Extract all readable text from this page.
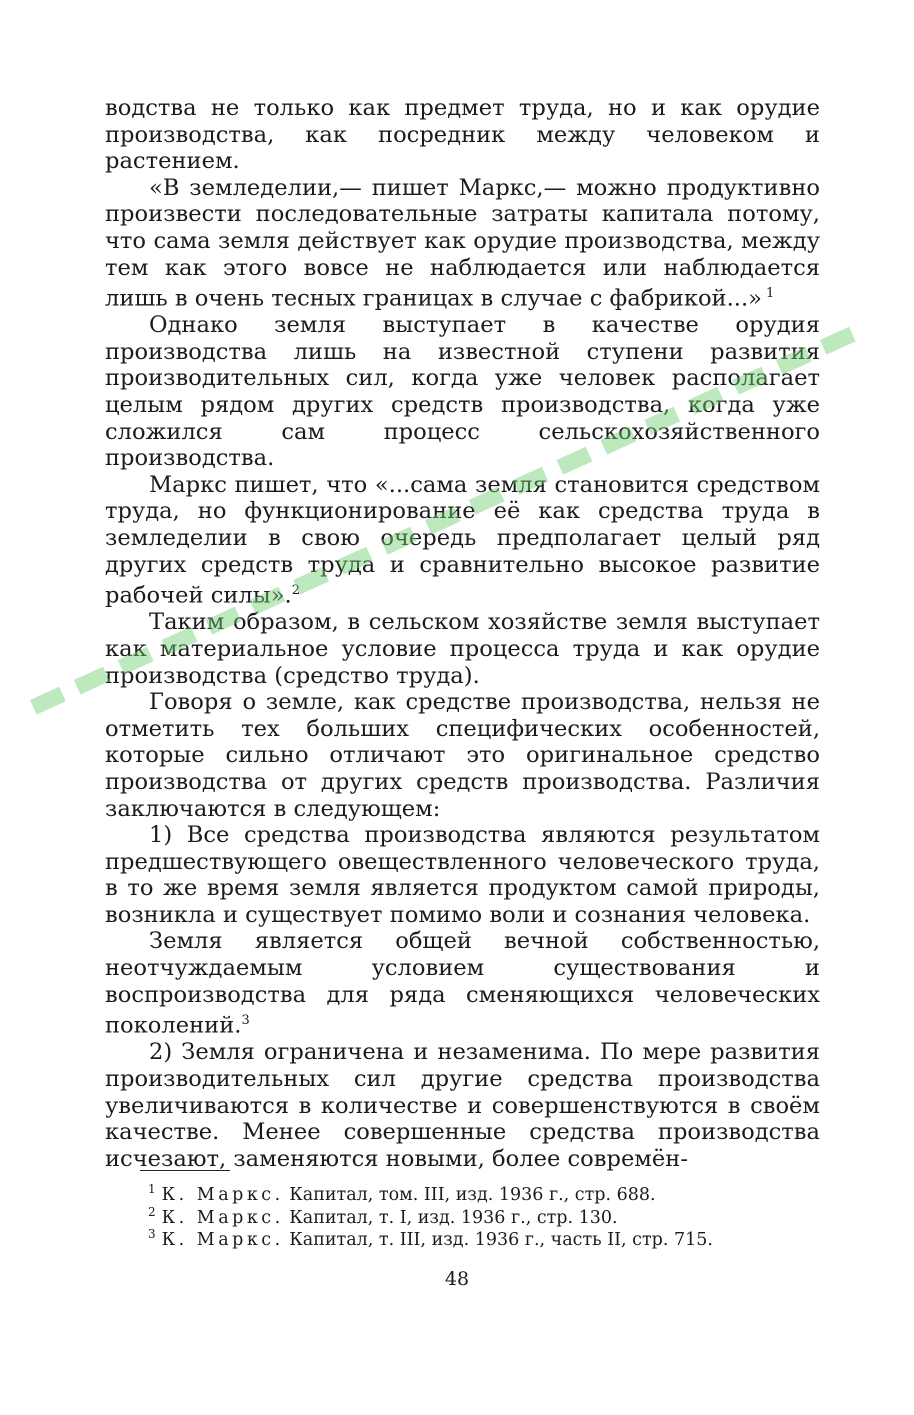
водства не только как предмет труда, но и как орудие производства, как посредник между человеком и растением.

«В земледелии,— пишет Маркс,— можно продуктивно произвести последовательные затраты капитала потому, что сама земля действует как орудие производства, между тем как этого вовсе не наблюдается или наблюдается лишь в очень тесных границах в случае с фабрикой...» $^1$

Однако земля выступает в качестве орудия производства лишь на известной ступени развития производительных сил, когда уже человек располагает целым рядом других средств производства, когда уже сложился сам процесс сельскохозяйственного производства.

Маркс пишет, что «...сама земля становится средством труда, но функционирование её как средства труда в земледелии в свою очередь предполагает целый ряд других средств труда и сравнительно высокое развитие рабочей силы».$^2$

Таким образом, в сельском хозяйстве земля выступает как материальное условие процесса труда и как орудие производства (средство труда).

Говоря о земле, как средстве производства, нельзя не отметить тех больших специфических особенностей, которые сильно отличают это оригинальное средство производства от других средств производства. Различия заключаются в следующем:

1) Все средства производства являются результатом предшествующего овеществленного человеческого труда, в то же время земля является продуктом самой природы, возникла и существует помимо воли и сознания человека.

Земля является общей вечной собственностью, неотчуждаемым условием существования и воспроизводства для ряда сменяющихся человеческих поколений.$^3$

2) Земля ограничена и незаменима. По мере развития производительных сил другие средства производства увеличиваются в количестве и совершенствуются в своём качестве. Менее совершенные средства производства исчезают, заменяются новыми, более совремён-

$^1$ К. Маркс. Капитал, том. III, изд. 1936 г., стр. 688.
$^2$ К. Маркс. Капитал, т. I, изд. 1936 г., стр. 130.
$^3$ К. Маркс. Капитал, т. III, изд. 1936 г., часть II, стр. 715.
48
